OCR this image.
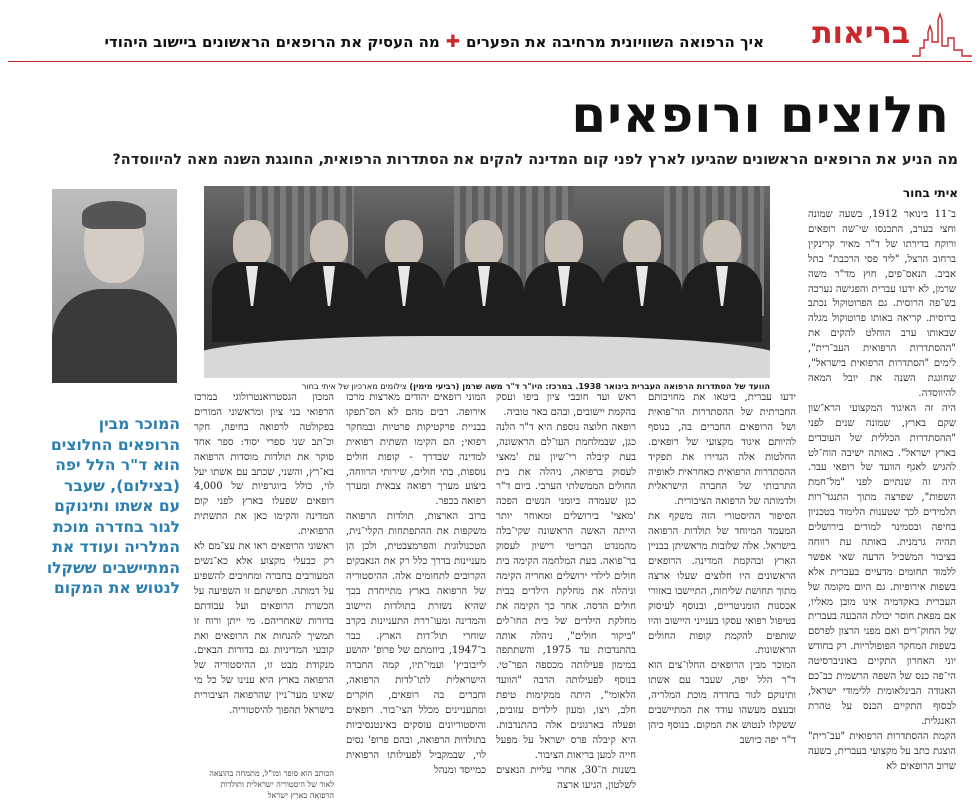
בריאות
איך הרפואה השוויונית מרחיבה את הפערים
✚
מה העסיק את הרופאים הראשונים ביישוב היהודי
חלוצים ורופאים
מה הניע את הרופאים הראשונים שהגיעו לארץ לפני קום המדינה להקים את הסתדרות הרפואית, החוגגת השנה מאה להיווסדה?
איתי בחור
הוועד של הסתדרות הרפואה העברית בינואר 1938. במרכז: היו"ר ד"ר משה שרמן (רביעי מימין) צילומים מארכיון של איתי בחור
המוכר מבין הרופאים החלוצים הוא ד"ר הלל יפה (בצילום), שעבר עם אשתו ותינוקם לגור בחדרה מוכת המלריה ועודד את המתיישבים ששקלו לנטוש את המקום

ב־11 בינואר 1912, בשעה שמונה וחצי בערב, התכנסו שי־שה רופאים ורוקח בדירתו של ד"ר מאיר קרינקין ברחוב הרצל, "ליד פסי הרכבת" בתל אביב. הנאס־פים, חוץ מד"ר משה שרמן, לא ידעו עברית והפגישה נערכה בש־פה הרוסית. גם הפרוטוקול נכתב ברוסית. קריאה באותו פרוטוקול מגלה שבאותו ערב הוחלט להקים את "ההסתדרות הרפואית העב־רית", לימים "הסתדרות הרפואית בישראל", שחוגגת השנה את יובל המאה להיווסדה.

היה זה האיגוד המקצועי הרא־שון שקם בארץ, שמונה שנים לפני "ההסתדרות הכללית של העובדים בארץ ישראל". באותה ישיבה הוח־לט להגיש לאגף הוועד של רופאי עבר. היה זה שנתיים לפני "מל־חמת השפות", שפרצה מתוך התנגד־רות תלמידים לכך שטענות הלימוד בטכניון בחיפה ובסמינר למורים בירושלים תהיה גרמנית. באותה עת רווחה בציבור המשכיל הדעה שאי אפשר ללמוד תחומים מדעיים בעברית אלא בשפות אירופיות. גם היום מקומה של העברית באקדמיה אינו מובן מאליו, אם מפאת חוסר יכולת ההבעה בעברית של החוק־רים ואם מפני הרצון לפרסם בשפות המחקר הפופולריות. רק בחודש יוני האחרון התקיים באוניברסיטה הי־פה כנס של השפה הרשמית כב־כם האגודה הבינלאומית ללימודי ישראל, לבסוף התקיים הכנס על טהרת האנגלית.

הקמת ההסתדרות הרפואית "עב־רית" הוצגת כתב על מקצועי בעברית, בשעה שרוב הרופאים לא

ידעו עברית, ביטאו את מחויבותם החברתית של ההסתדרות הר־פואית ושל הרופאים החברים בה, בנוסף להיותם איגוד מקצועי של רופאים. החלטות אלה הגדירו את תפקיד ההסתדרות הרפואית כאחראית לאופיה התרבותי של החברה הישראלית ולדמותה של הרפואה הציבורית.

הסיפור ההיסטורי הזה משקף את המעמד המיוחד של תולדות הרפואה בישראל. אלה שלובות מראשיתן בבניין הארץ ובהקמת המדינה. הרופאים הראשונים היו חלוצים שעלו ארצה מתוך תחושת שליחות, התיישבו באזורי אכסנות הומניטריים, ובנוסף לעיסוק בטיפול רפואי עסקו בענייני היישוב והיו שותפים להקמת קופות החולים הראשונות.

המוכר מבין הרופאים החלו־צים הוא ד"ר הלל יפה, שעבר עם אשתו ותינוקם לגור בחדרה מוכת המלריה, ובעצם מעשהו עודד את המתיישבים ששקלו לנטוש את המקום. בנוסף כיהן ד"ר יפה כיושב

ראש ועד חובבי ציון ביפו ועסק בהקמת יישובים, ובהם באר טוביה.

רופאה חלוצה נוספת היא ד"ר הלנה כגן, שבמלחמת העו־לם הראשונה, בעת קיבלה רי־שיון עת 'מאצי לעסוק ברפואה, ניהלה את בית החולים הממשלתי הערבי. ביום ד"ר כגן שעמדה ביומני הנשים הפכה 'מאצי' בירושלים ומאוחר יותר הייתה האשה הראשונה שקי־בלה מהמנדט הבריטי רישיון לעסוק בר־פואה. בעת המלחמה הקימה בית חולים לילדי ירושלים ואחריה הקימה וניהלה את מחלקת הילדים בבית חולים הדסה. אחר כך הקימה את מחלקת הילדים של בית החו־לים "ביקור חולים", ניהלה אותה בהתנדבות עד 1975, והשתתפה במימון פעילותה מכספה הפר־טי. בנוסף לפעילותה הרבה "הוועד הלאומי", היתה ממקימות טיפת חלב, ויצו, ומעון לילדים עזובים, ופעלה בארגונים אלה בהתנדבות. היא קיבלה פרס ישראל על מפעל חייה למען בריאות הציבור.

בשנות ה־30, אחרי עליית הנאצים לשלטון, הגיעו ארצה

המוני רופאים יהודים מארצות מרכז אירופה. רבים מהם לא הס־תפקו בבניית פרקטיקות פרטיות ובמחקר רפואי; הם הקימו תשתית רפואית למדינה שבדרך - קופות חולים נוספות, בתי חולים, שירותי הרווחה, ביצוע מערך רפואה צבאית ומערך רפואה בכפר.

ברוב הארצות, תולדות הרפואה משקפות את ההתפתחות הקלי־נית, הטכנולוגית והפרמצבטית, ולכן הן מעניינות בדרך כלל רק את הנאבקים הקרובים לתחומים אלה. ההיסטוריה של הרפואה בארץ מתייחדת בכך שהיא נשזרת בתולדות היישוב והמדינה ומעו־ררת התעניינות בקרב שוחרי תול־דות הארץ. כבר ב־1947, ביוזמתם של פרופ' יהושע לייבוביץ' ועמי־תיו, קמה החברה הישראלית לתו־לדות הרפואה, וחברים בה רופאים, חוקרים ומתעניינים מכלל הצי־בור. רופאים והיסטוריונים עוסקים באינטנסיביות בתולדות הרפואה, ובהם פרופ' נסים לוי, שבמקביל לפעילותו הרפואית כמייסד ומנהל

המכון הגסטרואנטרולוגי במרכז הרפואי בני ציון ומראשוני המורים בפקולטה לרפואה בחיפה, חקר וכ־תב שני ספרי יסוד: ספר אחד סוקר את תולדות מוסדות הרפואה בא־רץ, והשני, שכתב עם אשתו יעל לוי, כולל ביוגרפיות של 4,000 רופאים שפעלו בארץ לפני קום המדינה והקימו כאן את התשתית הרפואית.

ראשוני הרופאים ראו את עצ־מם לא רק כבעלי מקצוע אלא כא־נשים המעורבים בחברה ומחויבים להשפיע על דמותה. תפישתם זו השפיעה על הכשרת הרופאים ועל עבודתם בדורות שאחריהם. מי ייתן ורוח זו תמשיך להנחות את הרופאים ואת קובעי המדיניות גם בדורות הבאים. מנקודת מבט זו, ההיסטוריה של הרפואה בארץ היא ענינו של כל מי שאינו מער־ניין שהרפואה הציבורית בישראל תהפוך להיסטוריה.

הכותב הוא סופר ומו"ל, מתמחה בהוצאה לאור של היסטוריה ישראלית ותולדות הרפואה בארץ ישראל
